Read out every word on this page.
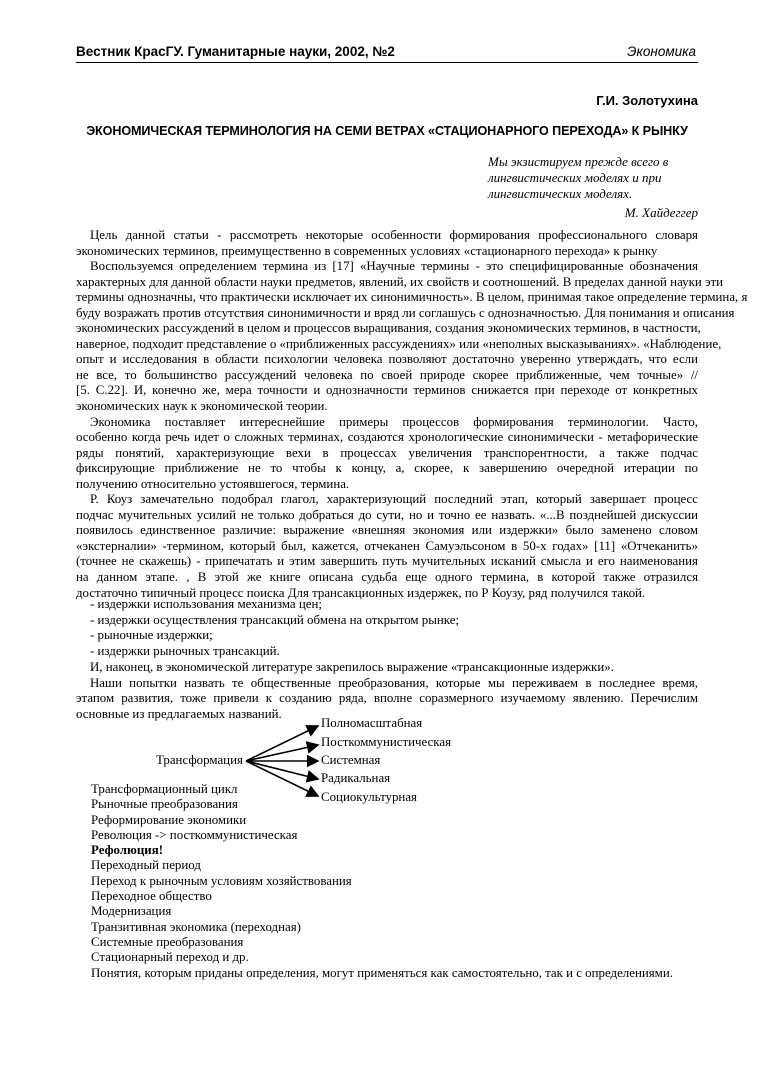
Вестник КрасГУ. Гуманитарные науки, 2002, №2	Экономика
Г.И. Золотухина
ЭКОНОМИЧЕСКАЯ ТЕРМИНОЛОГИЯ НА СЕМИ ВЕТРАХ «СТАЦИОНАРНОГО ПЕРЕХОДА» К РЫНКУ
Мы экзистируем прежде всего в
лингвистических моделях и при
лингвистических моделях.
М. Хайдеггер
Цель данной статьи - рассмотреть некоторые особенности формирования профессионального словаря
экономических терминов, преимущественно в современных условиях «стационарного перехода» к рынку
Воспользуемся определением термина из [17] «Научные термины - это специфицированные обозначения
характерных для данной области науки предметов, явлений, их свойств и соотношений. В пределах данной науки эти
термины однозначны, что практически исключает их синонимичность». В целом, принимая такое определение термина, я
буду возражать против отсутствия синонимичности и вряд ли соглашусь с однозначностью. Для понимания и описания
экономических рассуждений в целом и процессов выращивания, создания экономических терминов, в частности,
наверное, подходит представление о «приближенных рассуждениях» или «неполных высказываниях». «Наблюдение,
опыт и исследования в области психологии человека позволяют достаточно уверенно утверждать, что если
не все, то большинство рассуждений человека по своей природе скорее приближенные, чем точные» //
[5. С.22]. И, конечно же, мера точности и однозначности терминов снижается при переходе от конкретных
экономических наук к экономической теории.
Экономика поставляет интереснейшие примеры процессов формирования терминологии. Часто,
особенно когда речь идет о сложных терминах, создаются хронологические синонимически - метафорические
ряды понятий, характеризующие вехи в процессах увеличения транспорентности, а также подчас
фиксирующие приближение не то чтобы к концу, а, скорее, к завершению очередной итерации по
получению относительно устоявшегося, термина.
Р. Коуз замечательно подобрал глагол, характеризующий последний этап, который завершает процесс
подчас мучительных усилий не только добраться до сути, но и точно ее назвать. «...В позднейшей дискуссии
появилось единственное различие: выражение «внешняя экономия или издержки» было заменено словом
«экстерналии» -термином, который был, кажется, отчеканен Самуэльсоном в 50-х годах» [11] «Отчеканить»
(точнее не скажешь) - припечатать и этим завершить путь мучительных исканий смысла и его наименования
на данном этапе. , В этой же книге описана судьба еще одного термина, в которой также отразился
достаточно типичный процесс поиска Для трансакционных издержек, по Р Коузу, ряд получился такой.
- издержки использования механизма цен;
- издержки осуществления трансакций обмена на открытом рынке;
- рыночные издержки;
- издержки рыночных трансакций.
И, наконец, в экономической литературе закрепилось выражение «трансакционные издержки».
Наши попытки назвать те общественные преобразования, которые мы переживаем в последнее время,
этапом развития, тоже привели к созданию ряда, вполне соразмерного изучаемому явлению. Перечислим
основные из предлагаемых названий.
Трансформация
Полномасштабная
Посткоммунистическая
Системная
Радикальная
Социокультурная
Трансформационный цикл
Рыночные преобразования
Реформирование экономики
Революция -> посткоммунистическая
Рефолюция!
Переходный период
Переход к рыночным условиям хозяйствования
Переходное общество
Модернизация
Транзитивная экономика (переходная)
Системные преобразования
Стационарный переход и др.
Понятия, которым приданы определения, могут применяться как самостоятельно, так и с определениями.
